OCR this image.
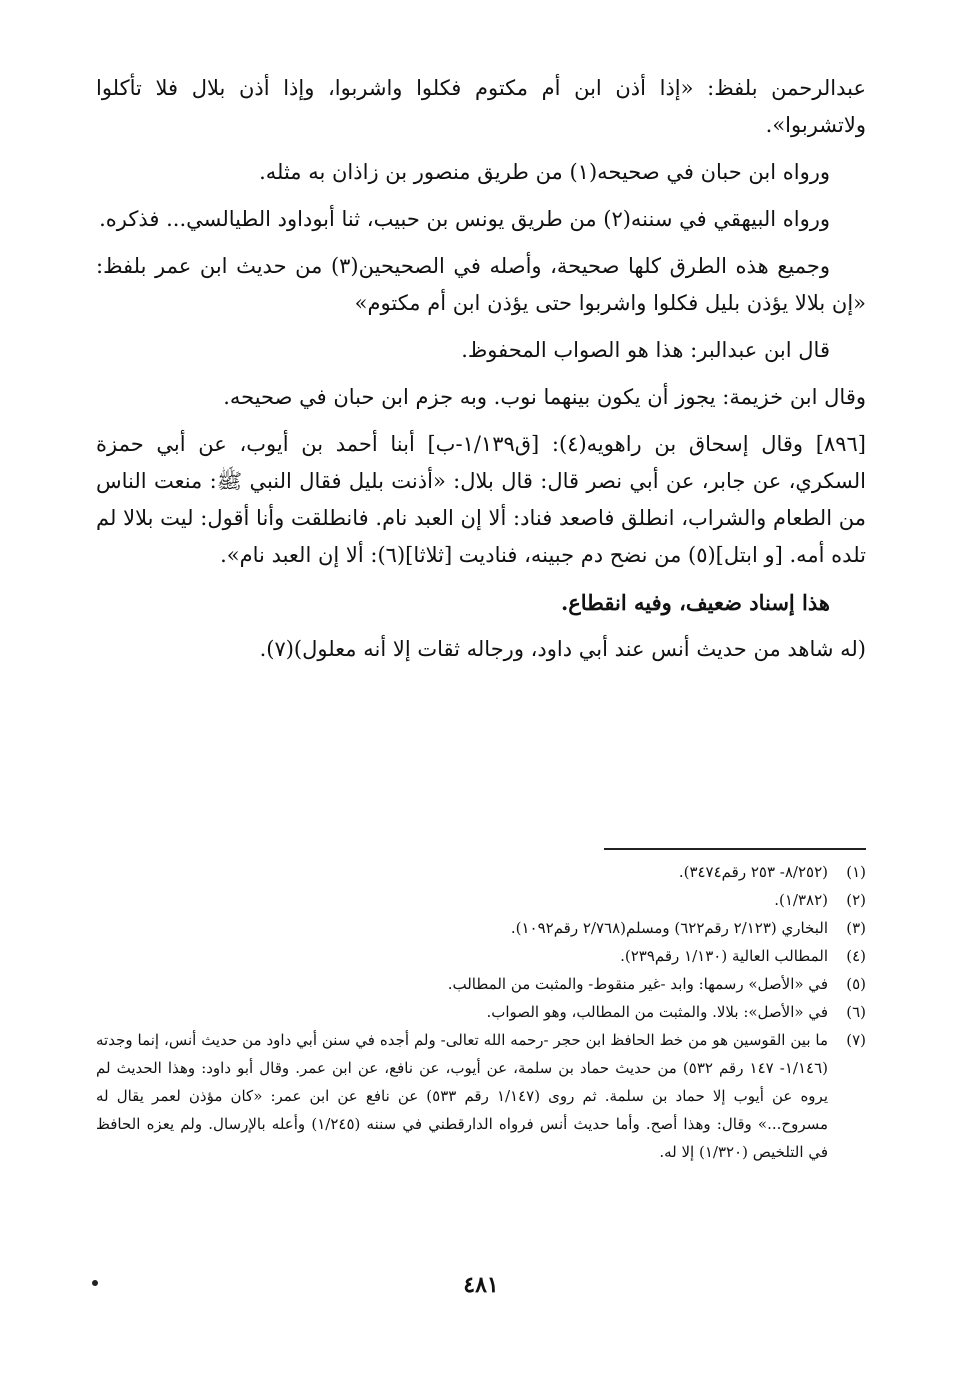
عبدالرحمن بلفظ: «إذا أذن ابن أم مكتوم فكلوا واشربوا، وإذا أذن بلال فلا تأكلوا ولاتشربوا».

ورواه ابن حبان في صحيحه(١) من طريق منصور بن زاذان به مثله.

ورواه البيهقي في سننه(٢) من طريق يونس بن حبيب، ثنا أبوداود الطيالسي... فذكره.

وجميع هذه الطرق كلها صحيحة، وأصله في الصحيحين(٣) من حديث ابن عمر بلفظ: «إن بلالا يؤذن بليل فكلوا واشربوا حتى يؤذن ابن أم مكتوم»

قال ابن عبدالبر: هذا هو الصواب المحفوظ.

وقال ابن خزيمة: يجوز أن يكون بينهما نوب. وبه جزم ابن حبان في صحيحه.

[٨٩٦] وقال إسحاق بن راهويه(٤): [ق١/١٣٩-ب] أبنا أحمد بن أيوب، عن أبي حمزة السكري، عن جابر، عن أبي نصر قال: قال بلال: «أذنت بليل فقال النبي ﷺ: منعت الناس من الطعام والشراب، انطلق فاصعد فناد: ألا إن العبد نام. فانطلقت وأنا أقول: ليت بلالا لم تلده أمه. [و ابتل](٥) من نضح دم جبينه، فناديت [ثلاثا](٦): ألا إن العبد نام».

هذا إسناد ضعيف، وفيه انقطاع.

(له شاهد من حديث أنس عند أبي داود، ورجاله ثقات إلا أنه معلول)(٧).

(١)
(٨/٢٥٢- ٢٥٣ رقم٣٤٧٤).

(٢)
(١/٣٨٢).

(٣)
البخاري (٢/١٢٣ رقم٦٢٢) ومسلم(٢/٧٦٨ رقم١٠٩٢).

(٤)
المطالب العالية (١/١٣٠ رقم٢٣٩).

(٥)
في «الأصل» رسمها: وابد -غير منقوط- والمثبت من المطالب.

(٦)
في «الأصل»: بلالا. والمثبت من المطالب، وهو الصواب.

(٧)
ما بين القوسين هو من خط الحافظ ابن حجر -رحمه الله تعالى- ولم أجده في سنن أبي داود من حديث أنس، إنما وجدته (١/١٤٦- ١٤٧ رقم ٥٣٢) من حديث حماد بن سلمة، عن أيوب، عن نافع، عن ابن عمر. وقال أبو داود: وهذا الحديث لم يروه عن أيوب إلا حماد بن سلمة. ثم روى (١/١٤٧ رقم ٥٣٣) عن نافع عن ابن عمر: «كان مؤذن لعمر يقال له مسروح...» وقال: وهذا أصح. وأما حديث أنس فرواه الدارقطني في سننه (١/٢٤٥) وأعله بالإرسال. ولم يعزه الحافظ في التلخيص (١/٣٢٠) إلا له.

٤٨١
